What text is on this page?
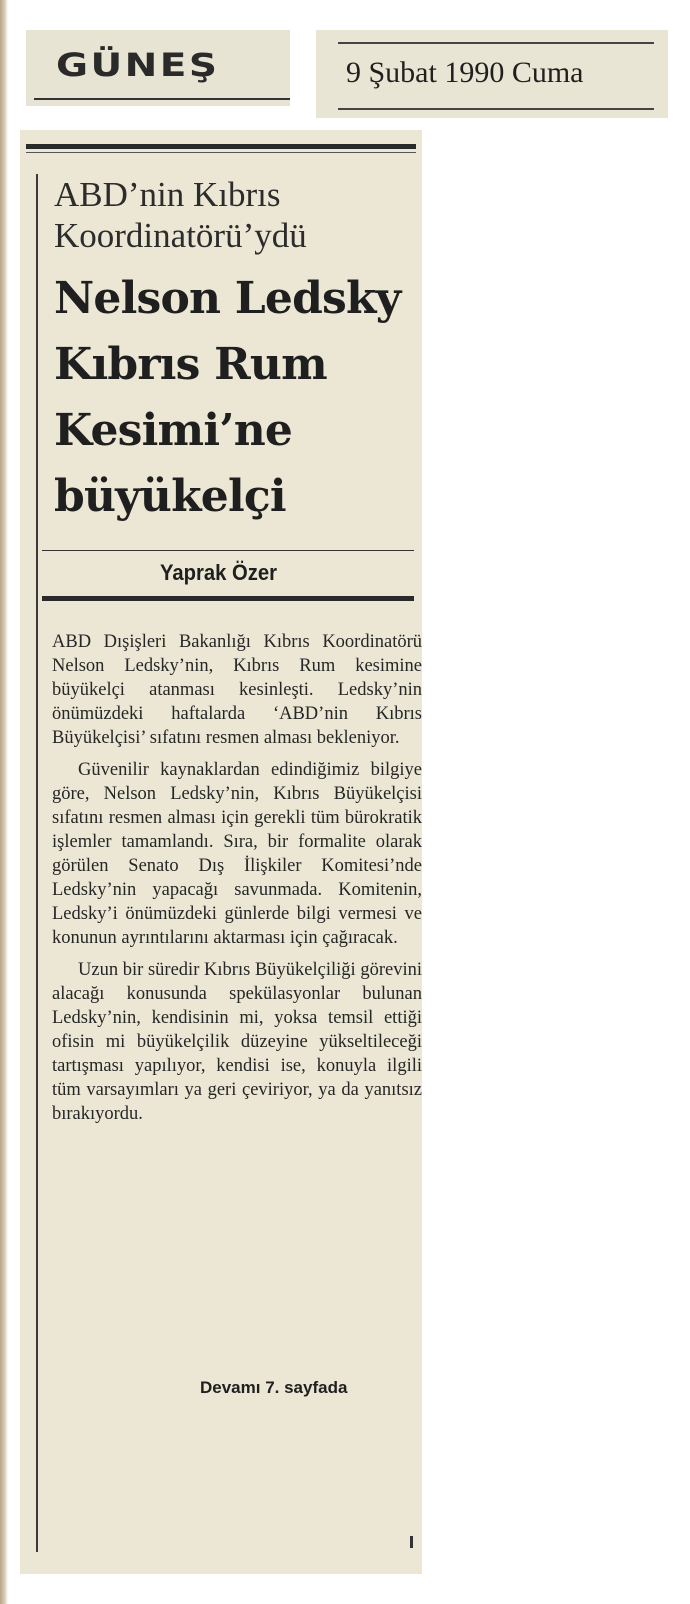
GÜNEŞ	9 Şubat 1990 Cuma
ABD’nin Kıbrıs Koordinatörü’ydü
Nelson Ledsky Kıbrıs Rum Kesimi’ne büyükelçi
Yaprak Özer

ABD Dışişleri Bakanlığı Kıbrıs Koordinatörü Nelson Ledsky’nin, Kıbrıs Rum kesimine büyükelçi atanması kesinleşti. Ledsky’nin önümüzdeki haftalarda ‘ABD’nin Kıbrıs Büyükelçisi’ sıfatını resmen alması bekleniyor.

Güvenilir kaynaklardan edindiğimiz bilgiye göre, Nelson Ledsky’nin, Kıbrıs Büyükelçisi sıfatını resmen alması için gerekli tüm bürokratik işlemler tamamlandı. Sıra, bir formalite olarak görülen Senato Dış İlişkiler Komitesi’nde Ledsky’nin yapacağı savunmada. Komitenin, Ledsky’i önümüzdeki günlerde bilgi vermesi ve konunun ayrıntılarını aktarması için çağıracak.

Uzun bir süredir Kıbrıs Büyükelçiliği görevini alacağı konusunda spekülasyonlar bulunan Ledsky’nin, kendisinin mi, yoksa temsil ettiği ofisin mi büyükelçilik düzeyine yükseltileceği tartışması yapılıyor, kendisi ise, konuyla ilgili tüm varsayımları ya geri çeviriyor, ya da yanıtsız bırakıyordu.

Devamı 7. sayfada
